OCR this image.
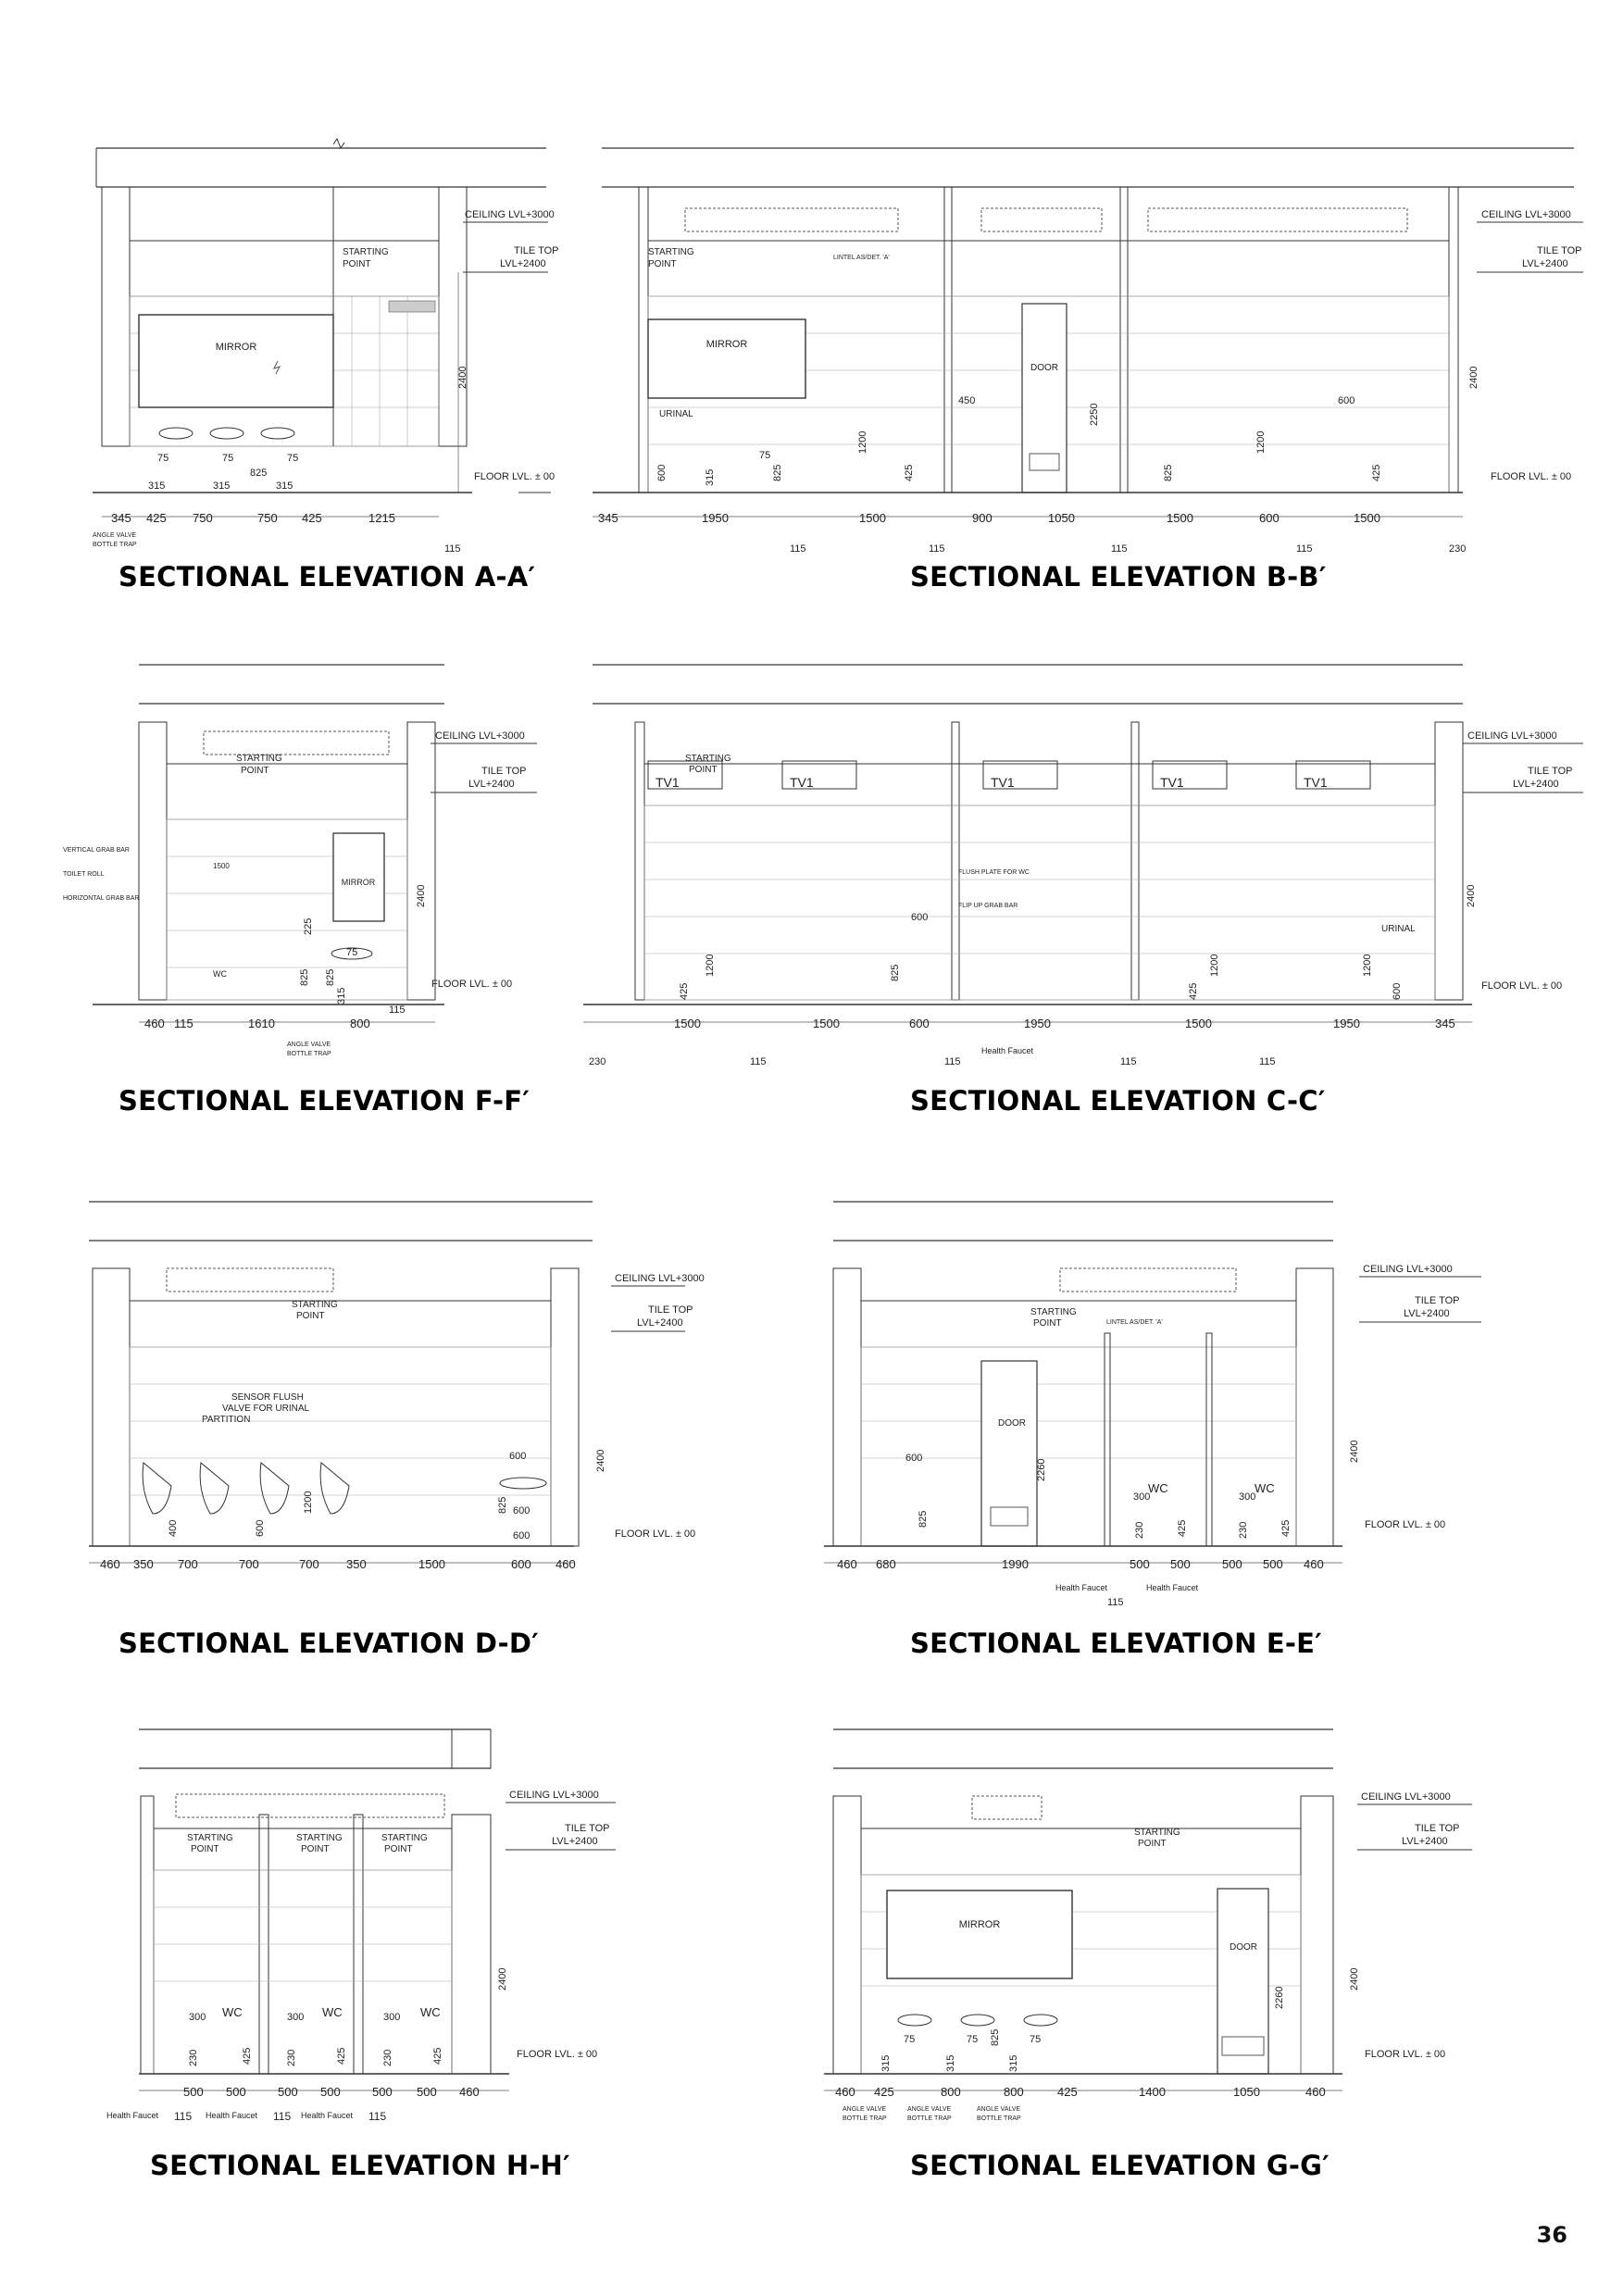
MIRROR
CEILING LVL+3000
TILE TOP
LVL+2400
FLOOR LVL. ± 00
STARTING
POINT
2400
345 425 750	750 425	1215
115
75	75	75
315	315	315
825
ANGLE VALVE
BOTTLE TRAP
SECTIONAL ELEVATION A-A′
MIRROR
DOOR
URINAL
STARTING
POINT
LINTEL AS/DET. 'A'
CEILING LVL+3000
TILE TOP
LVL+2400
FLOOR LVL. ± 00
2400
345	1950	1500	900	1050	1500	600	1500
115	115	115	115	230
450	600
2250
1200	1200
825	825
425	425
600	315
75
SECTIONAL ELEVATION B-B′
MIRROR
STARTING
POINT
VERTICAL GRAB BAR
TOILET ROLL
HORIZONTAL GRAB BAR
WC
CEILING LVL+3000
TILE TOP
LVL+2400
FLOOR LVL. ± 00
2400
460 115	1610	800
115
825 825
315
75
1500
225
ANGLE VALVE
BOTTLE TRAP
SECTIONAL ELEVATION F-F′
TV1	TV1	TV1	TV1	TV1
STARTING
POINT
FLUSH PLATE FOR WC
FLIP UP GRAB BAR
URINAL
CEILING LVL+3000
TILE TOP
LVL+2400
FLOOR LVL. ± 00
2400
Health Faucet
1500	1500	600	1950	1500	1950	345
230	115	115	115	115
600
1200	1200	1200
425	425
825
600
SECTIONAL ELEVATION C-C′
STARTING
POINT
SENSOR FLUSH
VALVE FOR URINAL
PARTITION
460 350 700	700	700 350	1500	600 460
600
400	600
1200	825 600
600
SECTIONAL ELEVATION D-D′
CEILING LVL+3000
TILE TOP
LVL+2400
FLOOR LVL. ± 00
2400
DOOR
WC	WC
STARTING
POINT	LINTEL AS/DET. 'A'
CEILING LVL+3000
TILE TOP
LVL+2400
FLOOR LVL. ± 00
2400
Health Faucet	Health Faucet
460 680	1990	500 500	500 500 460
115
600
2260
825
300	300
425	425
230	230
SECTIONAL ELEVATION E-E′
WC	WC	WC
STARTING
POINT
STARTING
POINT
STARTING
POINT
CEILING LVL+3000
TILE TOP
LVL+2400
FLOOR LVL. ± 00
2400
Health Faucet	Health Faucet	Health Faucet
500 500	500 500	500 500 460
115	115	115
300	300	300
425	425	425
230	230	230
SECTIONAL ELEVATION H-H′
MIRROR
DOOR
STARTING
POINT
CEILING LVL+3000
TILE TOP
LVL+2400
FLOOR LVL. ± 00
2400
460 425	800	800	425	1400	1050	460
75	75	75
315	315	315
825
2260
ANGLE VALVE
BOTTLE TRAP
ANGLE VALVE
BOTTLE TRAP
ANGLE VALVE
BOTTLE TRAP
SECTIONAL ELEVATION G-G′
36
